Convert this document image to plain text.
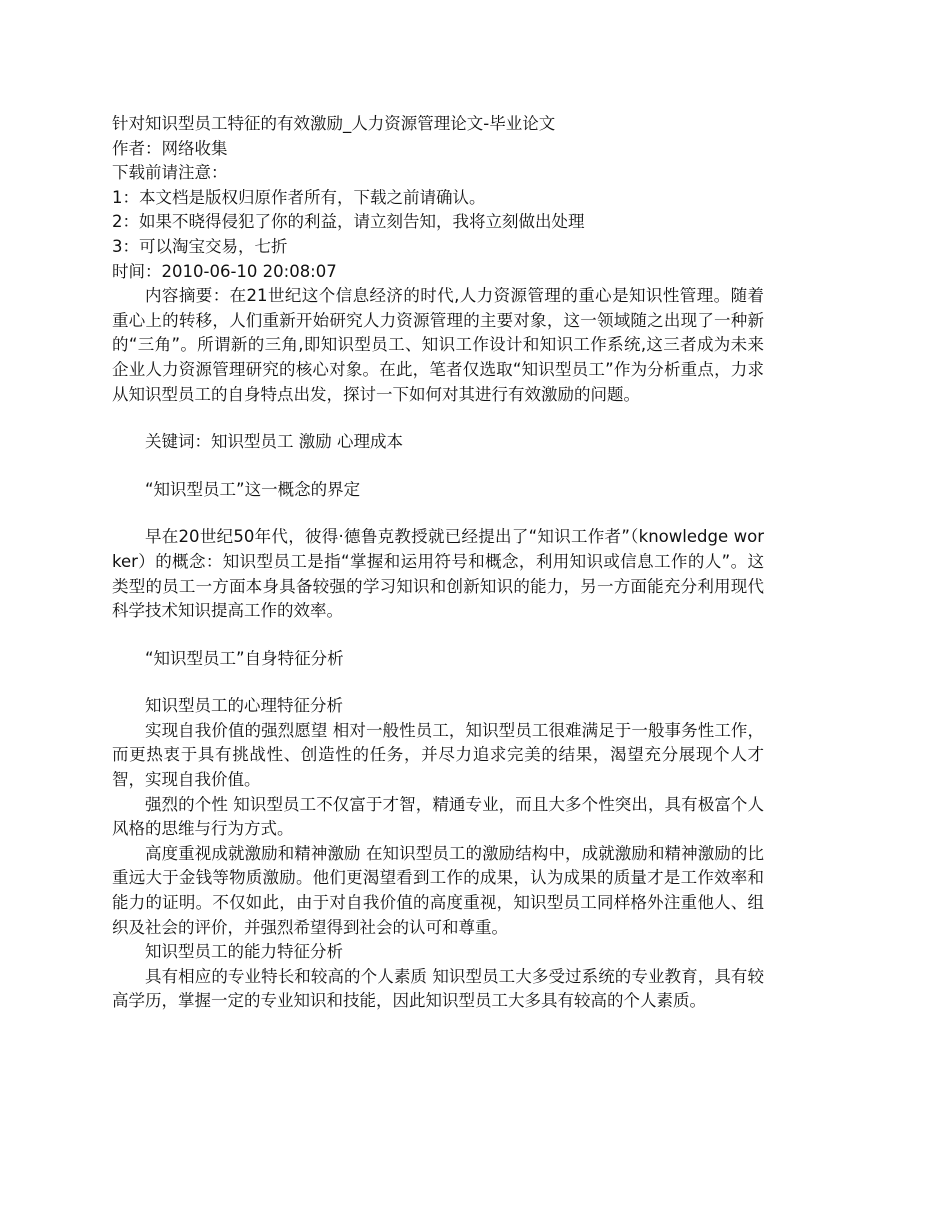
针对知识型员工特征的有效激励_人力资源管理论文-毕业论文
作者：网络收集
下载前请注意：
1：本文档是版权归原作者所有，下载之前请确认。
2：如果不晓得侵犯了你的利益，请立刻告知，我将立刻做出处理
3：可以淘宝交易，七折
时间：2010-06-10 20:08:07
内容摘要：在21世纪这个信息经济的时代,人力资源管理的重心是知识性管理。随着重心上的转移，人们重新开始研究人力资源管理的主要对象，这一领域随之出现了一种新的“三角”。所谓新的三角,即知识型员工、知识工作设计和知识工作系统,这三者成为未来企业人力资源管理研究的核心对象。在此，笔者仅选取“知识型员工”作为分析重点，力求从知识型员工的自身特点出发，探讨一下如何对其进行有效激励的问题。
关键词：知识型员工 激励 心理成本
“知识型员工”这一概念的界定
早在20世纪50年代，彼得·德鲁克教授就已经提出了“知识工作者”（knowledge worker）的概念：知识型员工是指“掌握和运用符号和概念，利用知识或信息工作的人”。这类型的员工一方面本身具备较强的学习知识和创新知识的能力，另一方面能充分利用现代科学技术知识提高工作的效率。
“知识型员工”自身特征分析
知识型员工的心理特征分析
实现自我价值的强烈愿望 相对一般性员工，知识型员工很难满足于一般事务性工作，而更热衷于具有挑战性、创造性的任务，并尽力追求完美的结果，渴望充分展现个人才智，实现自我价值。
强烈的个性 知识型员工不仅富于才智，精通专业，而且大多个性突出，具有极富个人风格的思维与行为方式。
高度重视成就激励和精神激励 在知识型员工的激励结构中，成就激励和精神激励的比重远大于金钱等物质激励。他们更渴望看到工作的成果，认为成果的质量才是工作效率和能力的证明。不仅如此，由于对自我价值的高度重视，知识型员工同样格外注重他人、组织及社会的评价，并强烈希望得到社会的认可和尊重。
知识型员工的能力特征分析
具有相应的专业特长和较高的个人素质 知识型员工大多受过系统的专业教育，具有较高学历，掌握一定的专业知识和技能，因此知识型员工大多具有较高的个人素质。
